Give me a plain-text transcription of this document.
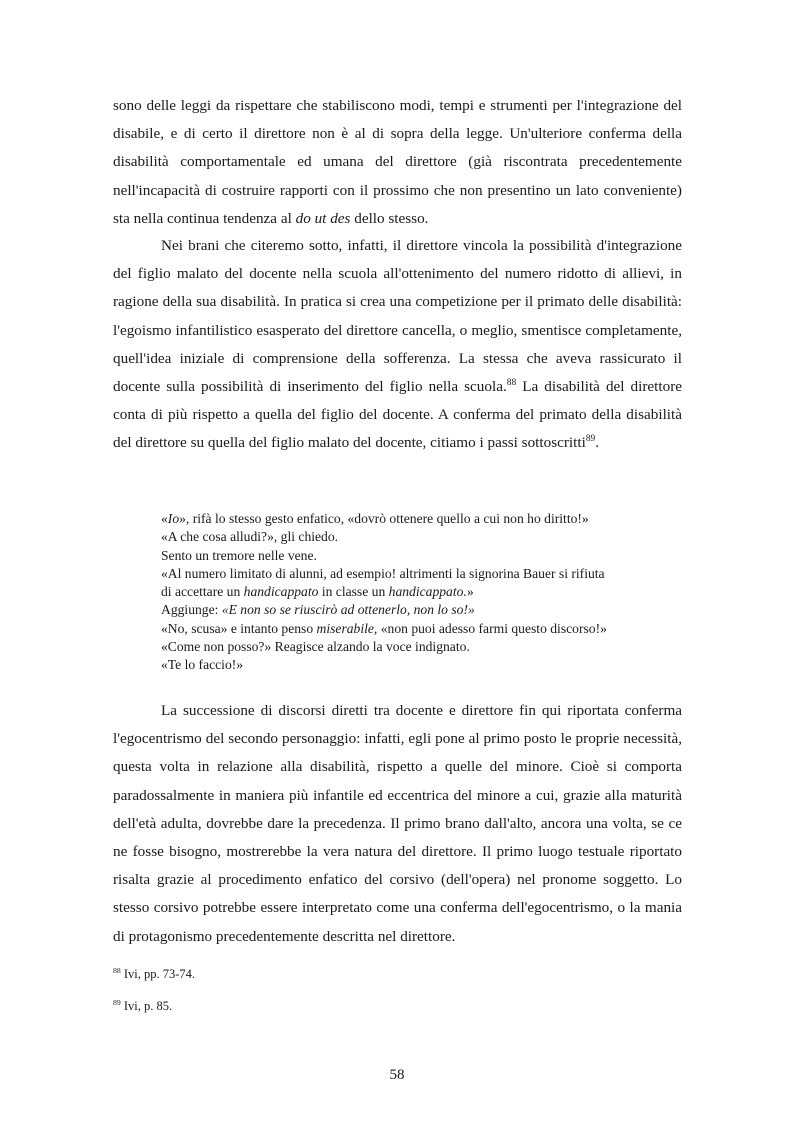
sono delle leggi da rispettare che stabiliscono modi, tempi e strumenti per l'integrazione del disabile, e di certo il direttore non è al di sopra della legge. Un'ulteriore conferma della disabilità comportamentale ed umana del direttore (già riscontrata precedentemente nell'incapacità di costruire rapporti con il prossimo che non presentino un lato conveniente) sta nella continua tendenza al do ut des dello stesso.

Nei brani che citeremo sotto, infatti, il direttore vincola la possibilità d'integrazione del figlio malato del docente nella scuola all'ottenimento del numero ridotto di allievi, in ragione della sua disabilità. In pratica si crea una competizione per il primato delle disabilità: l'egoismo infantilistico esasperato del direttore cancella, o meglio, smentisce completamente, quell'idea iniziale di comprensione della sofferenza. La stessa che aveva rassicurato il docente sulla possibilità di inserimento del figlio nella scuola.$^{88}$ La disabilità del direttore conta di più rispetto a quella del figlio del docente. A conferma del primato della disabilità del direttore su quella del figlio malato del docente, citiamo i passi sottoscritti$^{89}$.

«Io», rifà lo stesso gesto enfatico, «dovrò ottenere quello a cui non ho diritto!»
«A che cosa alludi?», gli chiedo.
Sento un tremore nelle vene.
«Al numero limitato di alunni, ad esempio! altrimenti la signorina Bauer si rifiuta
di accettare un handicappato in classe un handicappato.»
Aggiunge: «E non so se riuscirò ad ottenerlo, non lo so!»
«No, scusa» e intanto penso miserabile, «non puoi adesso farmi questo discorso!»
«Come non posso?» Reagisce alzando la voce indignato.
«Te lo faccio!»

La successione di discorsi diretti tra docente e direttore fin qui riportata conferma l'egocentrismo del secondo personaggio: infatti, egli pone al primo posto le proprie necessità, questa volta in relazione alla disabilità, rispetto a quelle del minore. Cioè si comporta paradossalmente in maniera più infantile ed eccentrica del minore a cui, grazie alla maturità dell'età adulta, dovrebbe dare la precedenza. Il primo brano dall'alto, ancora una volta, se ce ne fosse bisogno, mostrerebbe la vera natura del direttore. Il primo luogo testuale riportato risalta grazie al procedimento enfatico del corsivo (dell'opera) nel pronome soggetto. Lo stesso corsivo potrebbe essere interpretato come una conferma dell'egocentrismo, o la mania di protagonismo precedentemente descritta nel direttore.

$^{88}$ Ivi, pp. 73-74.

$^{89}$ Ivi, p. 85.

58
